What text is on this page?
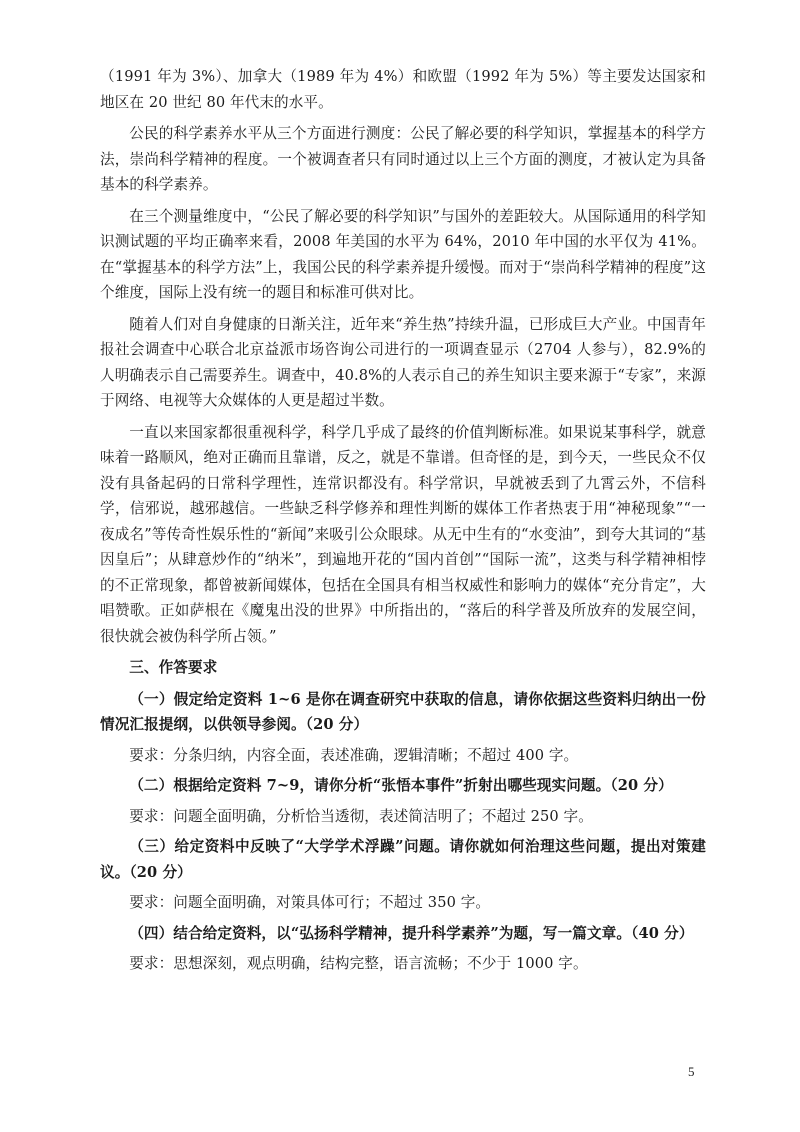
（1991 年为 3%）、加拿大（1989 年为 4%）和欧盟（1992 年为 5%）等主要发达国家和地区在 20 世纪 80 年代末的水平。

公民的科学素养水平从三个方面进行测度：公民了解必要的科学知识，掌握基本的科学方法，崇尚科学精神的程度。一个被调查者只有同时通过以上三个方面的测度，才被认定为具备基本的科学素养。

在三个测量维度中，“公民了解必要的科学知识”与国外的差距较大。从国际通用的科学知识测试题的平均正确率来看，2008 年美国的水平为 64%，2010 年中国的水平仅为 41%。在“掌握基本的科学方法”上，我国公民的科学素养提升缓慢。而对于“崇尚科学精神的程度”这个维度，国际上没有统一的题目和标准可供对比。

随着人们对自身健康的日渐关注，近年来“养生热”持续升温，已形成巨大产业。中国青年报社会调查中心联合北京益派市场咨询公司进行的一项调查显示（2704 人参与），82.9%的人明确表示自己需要养生。调查中，40.8%的人表示自己的养生知识主要来源于“专家”，来源于网络、电视等大众媒体的人更是超过半数。

一直以来国家都很重视科学，科学几乎成了最终的价值判断标准。如果说某事科学，就意味着一路顺风，绝对正确而且靠谱，反之，就是不靠谱。但奇怪的是，到今天，一些民众不仅没有具备起码的日常科学理性，连常识都没有。科学常识，早就被丢到了九霄云外，不信科学，信邪说，越邪越信。一些缺乏科学修养和理性判断的媒体工作者热衷于用“神秘现象”“一夜成名”等传奇性娱乐性的“新闻”来吸引公众眼球。从无中生有的“水变油”，到夸大其词的“基因皇后”；从肆意炒作的“纳米”，到遍地开花的“国内首创”“国际一流”，这类与科学精神相悖的不正常现象，都曾被新闻媒体，包括在全国具有相当权威性和影响力的媒体“充分肯定”，大唱赞歌。正如萨根在《魔鬼出没的世界》中所指出的，“落后的科学普及所放弃的发展空间，很快就会被伪科学所占领。”

三、作答要求

（一）假定给定资料 1~6 是你在调查研究中获取的信息，请你依据这些资料归纳出一份情况汇报提纲，以供领导参阅。（20 分）

要求：分条归纳，内容全面，表述准确，逻辑清晰；不超过 400 字。

（二）根据给定资料 7~9，请你分析“张悟本事件”折射出哪些现实问题。（20 分）

要求：问题全面明确，分析恰当透彻，表述简洁明了；不超过 250 字。

（三）给定资料中反映了“大学学术浮躁”问题。请你就如何治理这些问题，提出对策建议。（20 分）

要求：问题全面明确，对策具体可行；不超过 350 字。

（四）结合给定资料，以“弘扬科学精神，提升科学素养”为题，写一篇文章。（40 分）

要求：思想深刻，观点明确，结构完整，语言流畅；不少于 1000 字。

5
